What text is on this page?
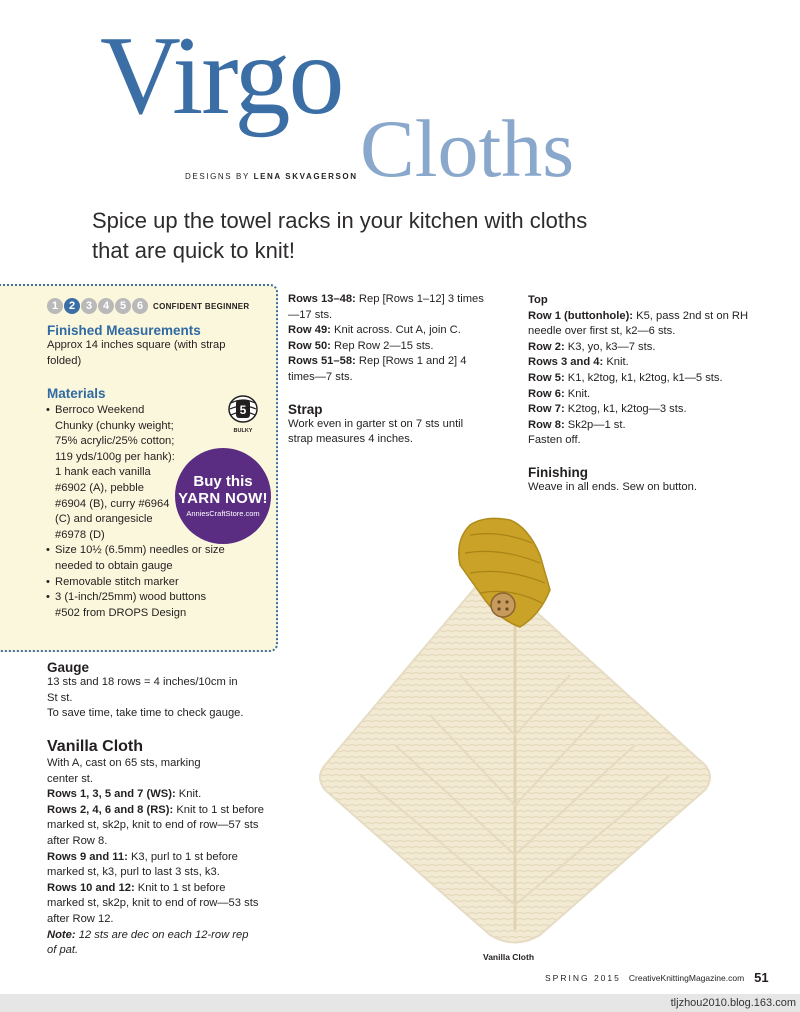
Virgo
Cloths
DESIGNS BY LENA SKVAGERSON

Spice up the towel racks in your kitchen with cloths that are quick to knit!

1 2 3 4 5 6	CONFIDENT BEGINNER
Finished Measurements
Approx 14 inches square (with strap folded)
Materials
• Berroco Weekend Chunky (chunky weight; 75% acrylic/25% cotton; 119 yds/100g per hank): 1 hank each vanilla #6902 (A), pebble #6904 (B), curry #6964 (C) and orangesicle #6978 (D)
• Size 10½ (6.5mm) needles or size needed to obtain gauge
• Removable stitch marker
• 3 (1-inch/25mm) wood buttons #502 from DROPS Design
5
BULKY
Buy this
YARN NOW!
AnniesCraftStore.com
Gauge
13 sts and 18 rows = 4 inches/10cm in St st.
To save time, take time to check gauge.
Vanilla Cloth
With A, cast on 65 sts, marking center st.
Rows 1, 3, 5 and 7 (WS): Knit.
Rows 2, 4, 6 and 8 (RS): Knit to 1 st before marked st, sk2p, knit to end of row—57 sts after Row 8.
Rows 9 and 11: K3, purl to 1 st before marked st, k3, purl to last 3 sts, k3.
Rows 10 and 12: Knit to 1 st before marked st, sk2p, knit to end of row—53 sts after Row 12.
Note: 12 sts are dec on each 12-row rep of pat.
Rows 13–48: Rep [Rows 1–12] 3 times—17 sts.
Row 49: Knit across. Cut A, join C.
Row 50: Rep Row 2—15 sts.
Rows 51–58: Rep [Rows 1 and 2] 4 times—7 sts.
Strap
Work even in garter st on 7 sts until strap measures 4 inches.
Top
Row 1 (buttonhole): K5, pass 2nd st on RH needle over first st, k2—6 sts.
Row 2: K3, yo, k3—7 sts.
Rows 3 and 4: Knit.
Row 5: K1, k2tog, k1, k2tog, k1—5 sts.
Row 6: Knit.
Row 7: K2tog, k1, k2tog—3 sts.
Row 8: Sk2p—1 st.
Fasten off.
Finishing
Weave in all ends. Sew on button.
Vanilla Cloth
SPRING 2015 CreativeKnittingMagazine.com 51
tljzhou2010.blog.163.com
